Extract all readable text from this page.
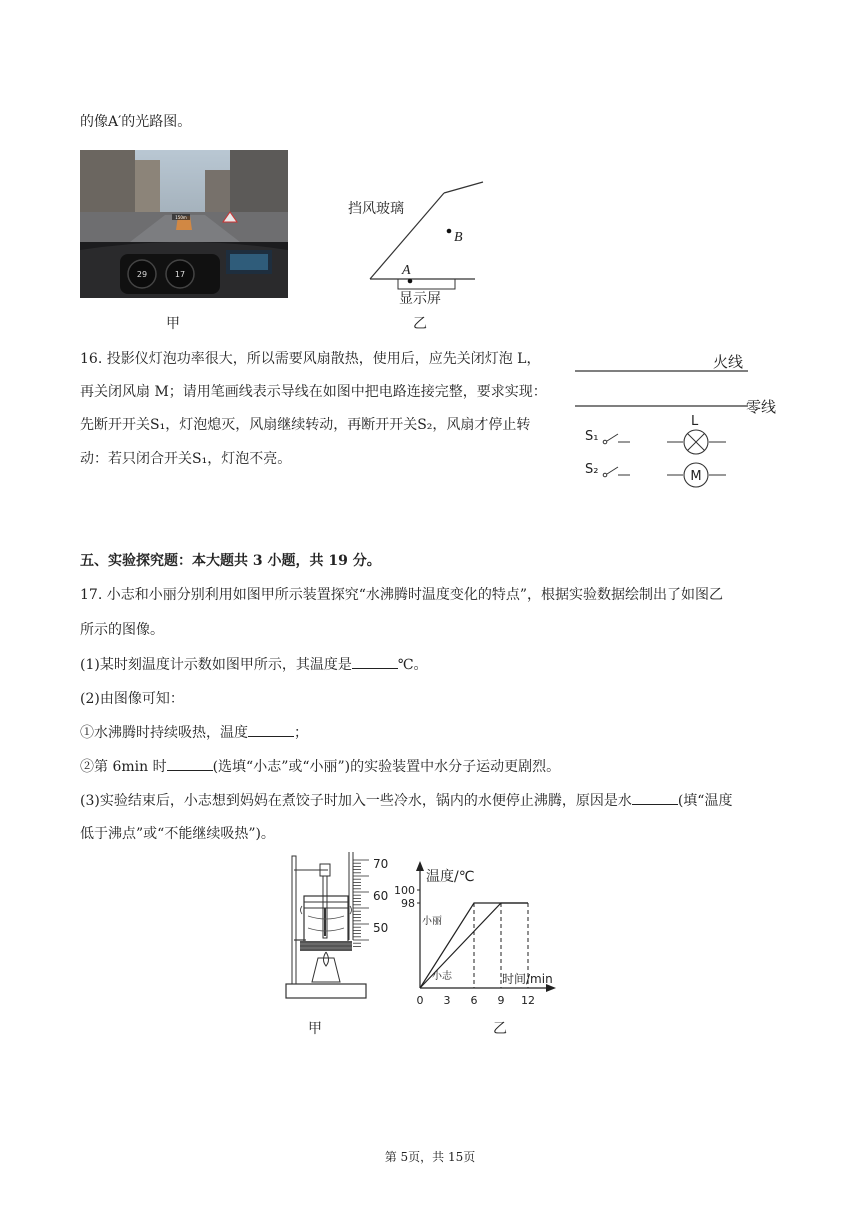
的像A′的光路图。
150m
29	17
甲
挡风玻璃
B
A
显示屏
乙
16. 投影仪灯泡功率很大，所以需要风扇散热，使用后，应先关闭灯泡 L，
再关闭风扇 M；请用笔画线表示导线在如图中把电路连接完整，要求实现：
先断开开关S₁，灯泡熄灭，风扇继续转动，再断开开关S₂，风扇才停止转
动：若只闭合开关S₁，灯泡不亮。
火线
零线
S₁
S₂
L
M
五、实验探究题：本大题共 3 小题，共 19 分。
17. 小志和小丽分别利用如图甲所示装置探究“水沸腾时温度变化的特点”，根据实验数据绘制出了如图乙
所示的图像。
(1)某时刻温度计示数如图甲所示，其温度是	℃。
(2)由图像可知：
①水沸腾时持续吸热，温度	；
②第 6min 时	(选填“小志”或“小丽”)的实验装置中水分子运动更剧烈。
(3)实验结束后，小志想到妈妈在煮饺子时加入一些冷水，锅内的水便停止沸腾，原因是水	(填“温度
低于沸点”或“不能继续吸热”)。
70
60
50
甲
温度/℃
时间/min
98
100
0 3 6 9 12
小丽
小志
乙
第 5页，共 15页
